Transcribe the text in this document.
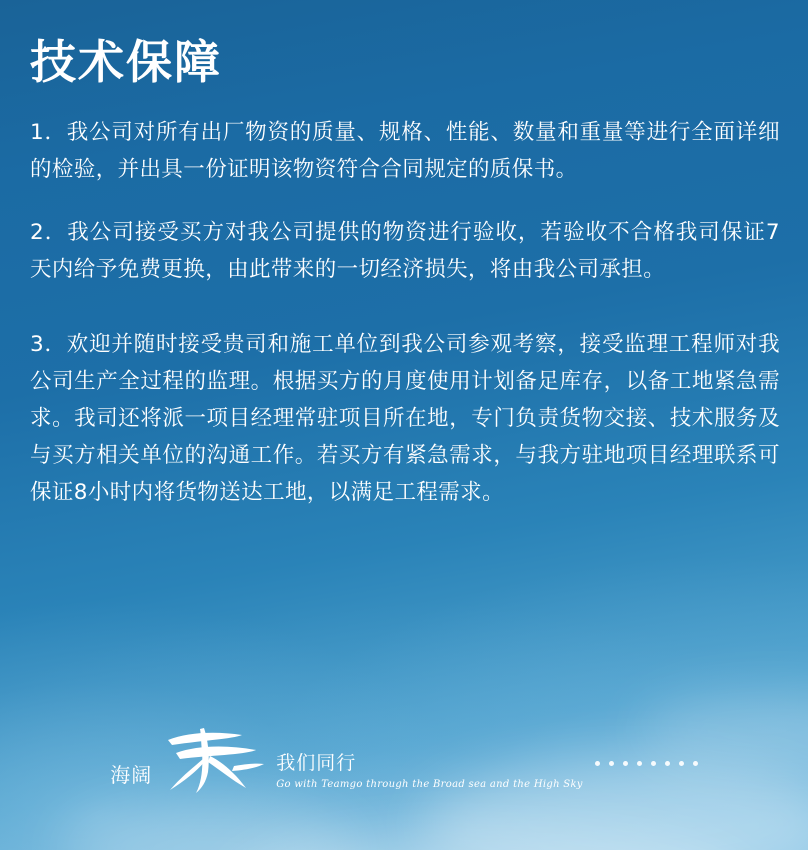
技术保障

1．我公司对所有出厂物资的质量、规格、性能、数量和重量等进行全面详细的检验，并出具一份证明该物资符合合同规定的质保书。

2．我公司接受买方对我公司提供的物资进行验收，若验收不合格我司保证7天内给予免费更换，由此带来的一切经济损失，将由我公司承担。

3．欢迎并随时接受贵司和施工单位到我公司参观考察，接受监理工程师对我公司生产全过程的监理。根据买方的月度使用计划备足库存，以备工地紧急需求。我司还将派一项目经理常驻项目所在地，专门负责货物交接、技术服务及与买方相关单位的沟通工作。若买方有紧急需求，与我方驻地项目经理联系可保证8小时内将货物送达工地，以满足工程需求。

海阔	我们同行
Go with Teamgo through the Broad sea and the High Sky
